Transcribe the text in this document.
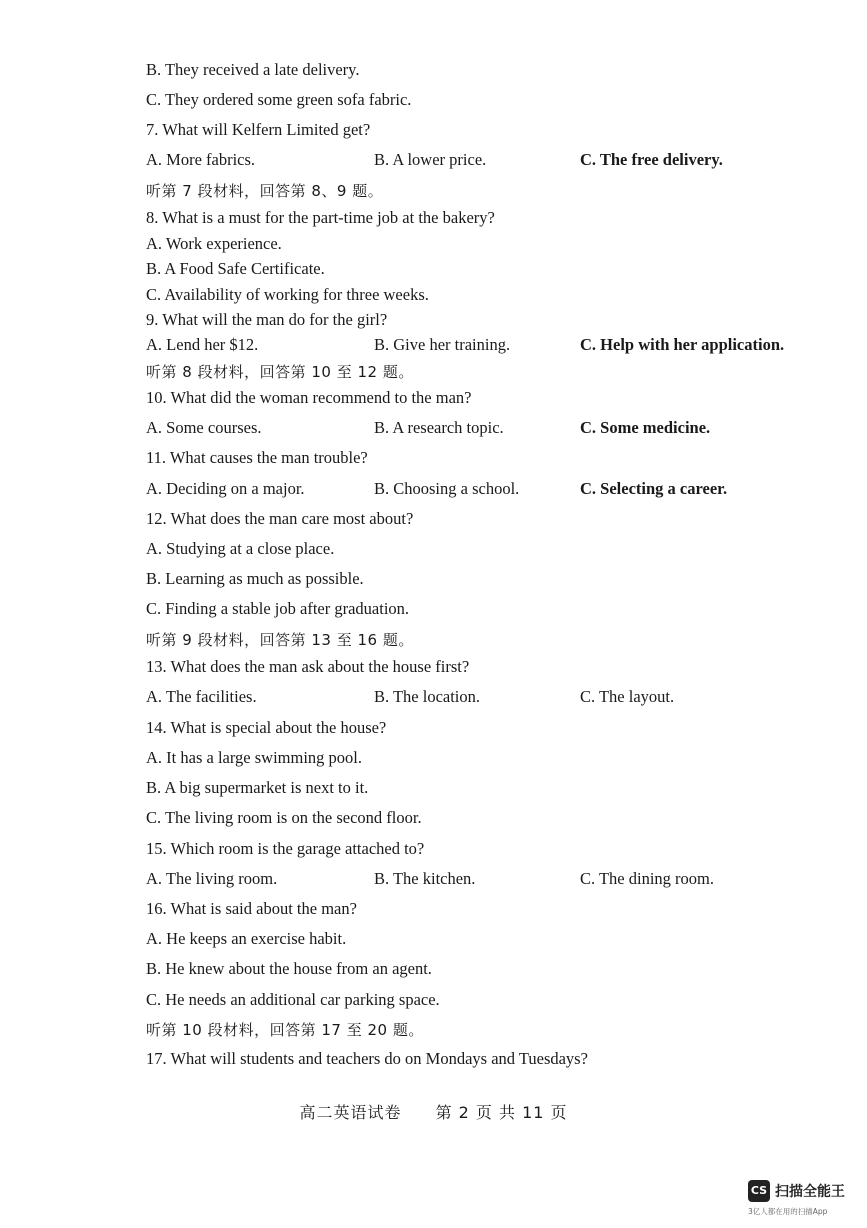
B. They received a late delivery.
C. They ordered some green sofa fabric.
7. What will Kelfern Limited get?
A. More fabrics.	B. A lower price.	C. The free delivery.
听第 7 段材料，回答第 8、9 题。
8. What is a must for the part-time job at the bakery?
A. Work experience.
B. A Food Safe Certificate.
C. Availability of working for three weeks.
9. What will the man do for the girl?
A. Lend her $12.	B. Give her training.	C. Help with her application.
听第 8 段材料，回答第 10 至 12 题。
10. What did the woman recommend to the man?
A. Some courses.	B. A research topic.	C. Some medicine.
11. What causes the man trouble?
A. Deciding on a major.	B. Choosing a school.	C. Selecting a career.
12. What does the man care most about?
A. Studying at a close place.
B. Learning as much as possible.
C. Finding a stable job after graduation.
听第 9 段材料，回答第 13 至 16 题。
13. What does the man ask about the house first?
A. The facilities.	B. The location.	C. The layout.
14. What is special about the house?
A. It has a large swimming pool.
B. A big supermarket is next to it.
C. The living room is on the second floor.
15. Which room is the garage attached to?
A. The living room.	B. The kitchen.	C. The dining room.
16. What is said about the man?
A. He keeps an exercise habit.
B. He knew about the house from an agent.
C. He needs an additional car parking space.
听第 10 段材料，回答第 17 至 20 题。
17. What will students and teachers do on Mondays and Tuesdays?
高二英语试卷 第 2 页 共 11 页
CS 扫描全能王
3亿人都在用的扫描App
